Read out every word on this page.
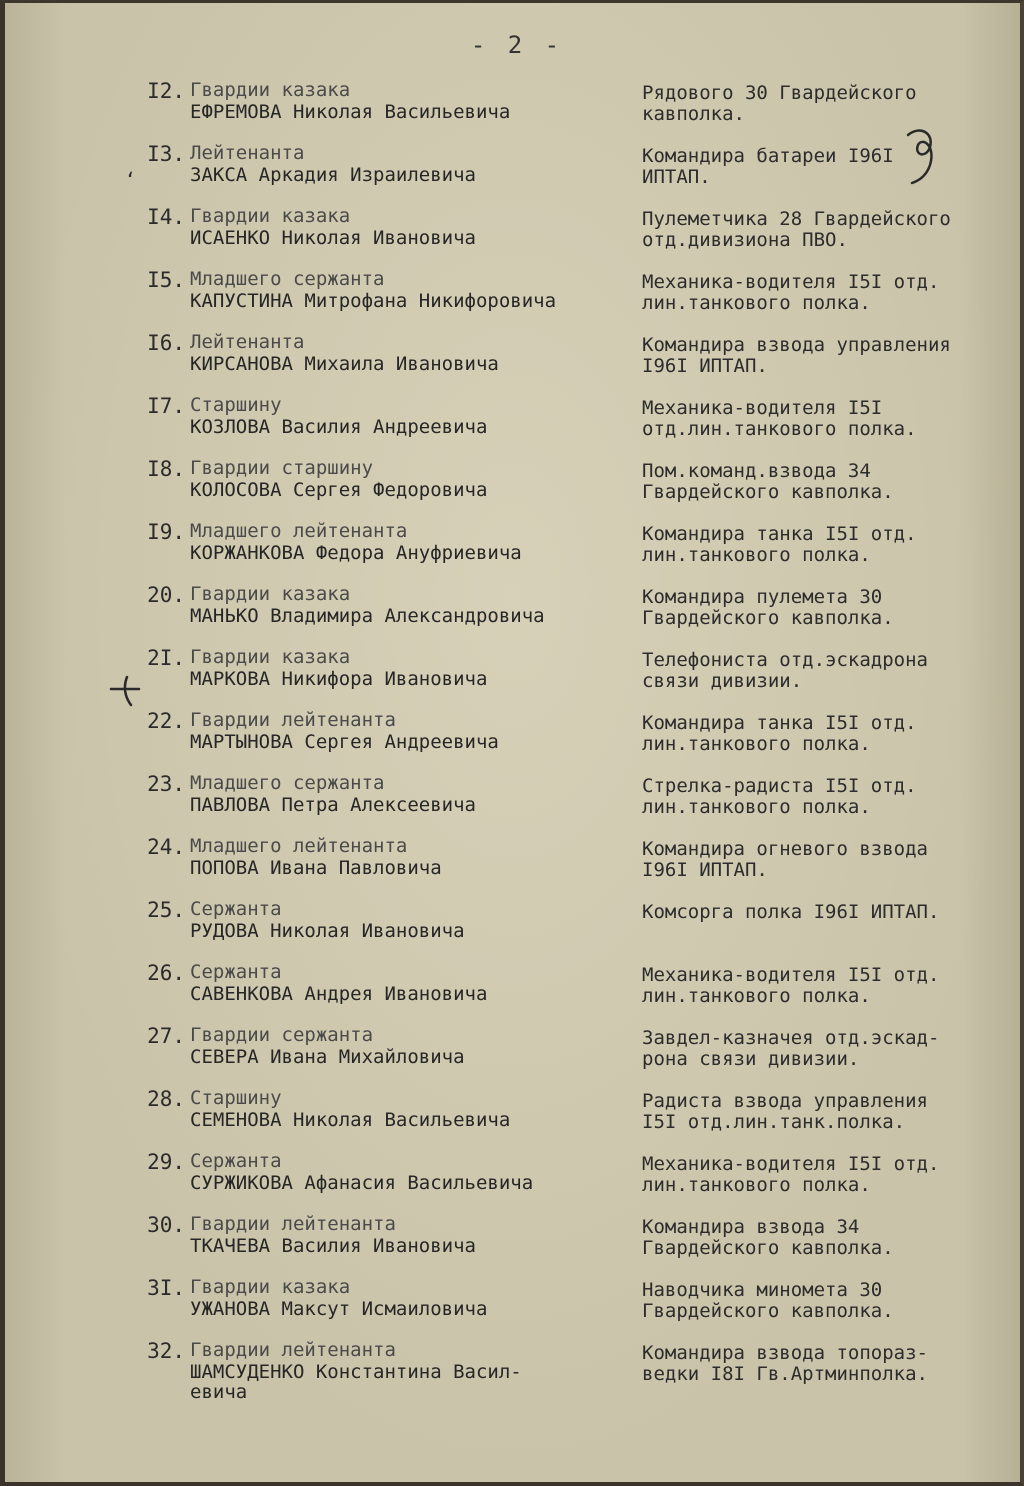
- 2 -
ʻ
I2. Гвардии казака
ЕФРЕМОВА Николая Васильевича
Рядового 30 Гвардейского
кавполка.
I3. Лейтенанта
ЗАКСА Аркадия Израилевича
Командира батареи I96I
ИПТАП.
I4. Гвардии казака
ИСАЕНКО Николая Ивановича
Пулеметчика 28 Гвардейского
отд.дивизиона ПВО.
I5. Младшего сержанта
КАПУСТИНА Митрофана Никифоровича
Механика-водителя I5I отд.
лин.танкового полка.
I6. Лейтенанта
КИРСАНОВА Михаила Ивановича
Командира взвода управления
I96I ИПТАП.
I7. Старшину
КОЗЛОВА Василия Андреевича
Механика-водителя I5I
отд.лин.танкового полка.
I8. Гвардии старшину
КОЛОСОВА Сергея Федоровича
Пом.команд.взвода 34
Гвардейского кавполка.
I9. Младшего лейтенанта
КОРЖАНКОВА Федора Ануфриевича
Командира танка I5I отд.
лин.танкового полка.
20. Гвардии казака
МАНЬКО Владимира Александровича
Командира пулемета 30
Гвардейского кавполка.
2I. Гвардии казака
МАРКОВА Никифора Ивановича
Телефониста отд.эскадрона
связи дивизии.
22. Гвардии лейтенанта
МАРТЫНОВА Сергея Андреевича
Командира танка I5I отд.
лин.танкового полка.
23. Младшего сержанта
ПАВЛОВА Петра Алексеевича
Стрелка-радиста I5I отд.
лин.танкового полка.
24. Младшего лейтенанта
ПОПОВА Ивана Павловича
Командира огневого взвода
I96I ИПТАП.
25. Сержанта
РУДОВА Николая Ивановича
Комсорга полка I96I ИПТАП.
26. Сержанта
САВЕНКОВА Андрея Ивановича
Механика-водителя I5I отд.
лин.танкового полка.
27. Гвардии сержанта
СЕВЕРА Ивана Михайловича
Завдел-казначея отд.эскад-
рона связи дивизии.
28. Старшину
СЕМЕНОВА Николая Васильевича
Радиста взвода управления
I5I отд.лин.танк.полка.
29. Сержанта
СУРЖИКОВА Афанасия Васильевича
Механика-водителя I5I отд.
лин.танкового полка.
30. Гвардии лейтенанта
ТКАЧЕВА Василия Ивановича
Командира взвода 34
Гвардейского кавполка.
3I. Гвардии казака
УЖАНОВА Максут Исмаиловича
Наводчика миномета 30
Гвардейского кавполка.
32. Гвардии лейтенанта
ШАМСУДЕНКО Константина Васил-
евича
Командира взвода топораз-
ведки I8I Гв.Артминполка.
